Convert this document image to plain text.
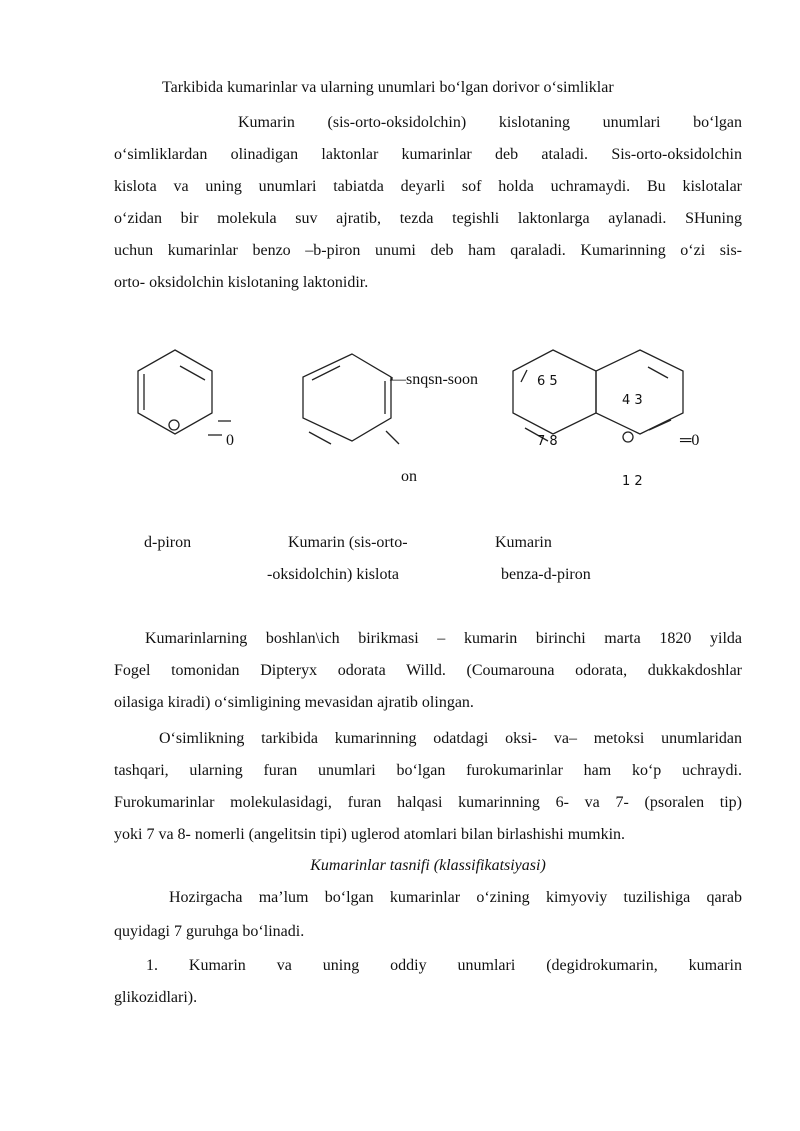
Tarkibida kumarinlar va ularning unumlari bo‘lgan dorivor o‘simliklar
Kumarin (sis-orto-oksidolchin) kislotaning unumlari bo‘lgan
o‘simliklardan olinadigan laktonlar kumarinlar deb ataladi. Sis-orto-oksidolchin
kislota va uning unumlari tabiatda deyarli sof holda uchramaydi. Bu kislotalar
o‘zidan bir molekula suv ajratib, tezda tegishli laktonlarga aylanadi. SHuning
uchun kumarinlar benzo –b-piron unumi deb ham qaraladi. Kumarinning o‘zi sis-
orto- oksidolchin kislotaning laktonidir.
0
—snqsn-soon
on
6 5
4 3
7 8	═0
1 2
d-piron	Kumarin (sis-orto-
-oksidolchin) kislota
Kumarin
benza-d-piron
Kumarinlarning boshlan\ich birikmasi – kumarin birinchi marta 1820 yilda
Fogel tomonidan Dipteryx odorata Willd. (Coumarouna odorata, dukkakdoshlar
oilasiga kiradi) o‘simligining mevasidan ajratib olingan.
O‘simlikning tarkibida kumarinning odatdagi oksi- va– metoksi unumlaridan
tashqari, ularning furan unumlari bo‘lgan furokumarinlar ham ko‘p uchraydi.
Furokumarinlar molekulasidagi, furan halqasi kumarinning 6- va 7- (psoralen tip)
yoki 7 va 8- nomerli (angelitsin tipi) uglerod atomlari bilan birlashishi mumkin.
Kumarinlar tasnifi (klassifikatsiyasi)
Hozirgacha ma’lum bo‘lgan kumarinlar o‘zining kimyoviy tuzilishiga qarab
quyidagi 7 guruhga bo‘linadi.
1. Kumarin va uning oddiy unumlari (degidrokumarin, kumarin
glikozidlari).
